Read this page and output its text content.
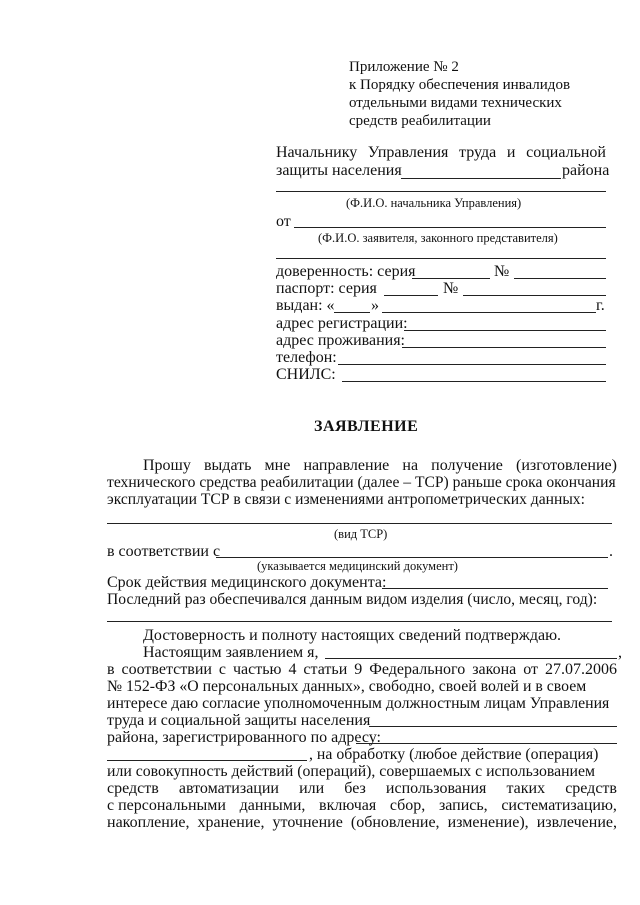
Приложение № 2
к Порядку обеспечения инвалидов
отдельными видами технических
средств реабилитации
Начальнику Управления труда и социальной
защиты населения	района
(Ф.И.О. начальника Управления)
от
(Ф.И.О. заявителя, законного представителя)
доверенность: серия	№
паспорт: серия	№
выдан: « »	г.
адрес регистрации:
адрес проживания:
телефон:
СНИЛС:
ЗАЯВЛЕНИЕ
Прошу выдать мне направление на получение (изготовление)
технического средства реабилитации (далее – ТСР) раньше срока окончания
эксплуатации ТСР в связи с изменениями антропометрических данных:
(вид ТСР)
в соответствии с	.
(указывается медицинский документ)
Срок действия медицинского документа:
Последний раз обеспечивался данным видом изделия (число, месяц, год):
Достоверность и полноту настоящих сведений подтверждаю.
Настоящим заявлением я,	,
в соответствии с частью 4 статьи 9 Федерального закона от 27.07.2006
№ 152-ФЗ «О персональных данных», свободно, своей волей и в своем
интересе даю согласие уполномоченным должностным лицам Управления
труда и социальной защиты населения
района, зарегистрированного по адресу:
, на обработку (любое действие (операция)
или совокупность действий (операций), совершаемых с использованием
средств автоматизации или без использования таких средств
с персональными данными, включая сбор, запись, систематизацию,
накопление, хранение, уточнение (обновление, изменение), извлечение,
